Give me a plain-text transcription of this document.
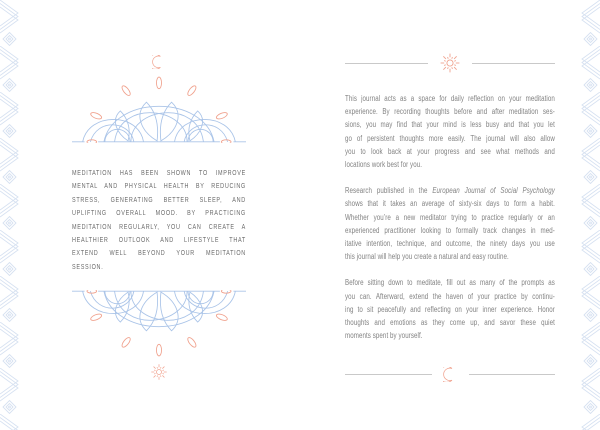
MEDITATION HAS BEEN SHOWN TO IMPROVE
MENTAL AND PHYSICAL HEALTH BY REDUCING
STRESS, GENERATING BETTER SLEEP, AND
UPLIFTING OVERALL MOOD. BY PRACTICING
MEDITATION REGULARLY, YOU CAN CREATE A
HEALTHIER OUTLOOK AND LIFESTYLE THAT
EXTEND WELL BEYOND YOUR MEDITATION
SESSION.
This journal acts as a space for daily reflection on your meditation
experience. By recording thoughts before and after meditation ses-
sions, you may find that your mind is less busy and that you let
go of persistent thoughts more easily. The journal will also allow
you to look back at your progress and see what methods and
locations work best for you.
Research published in the European Journal of Social Psychology
shows that it takes an average of sixty-six days to form a habit.
Whether you’re a new meditator trying to practice regularly or an
experienced practitioner looking to formally track changes in med-
itative intention, technique, and outcome, the ninety days you use
this journal will help you create a natural and easy routine.
Before sitting down to meditate, fill out as many of the prompts as
you can. Afterward, extend the haven of your practice by continu-
ing to sit peacefully and reflecting on your inner experience. Honor
thoughts and emotions as they come up, and savor these quiet
moments spent by yourself.
